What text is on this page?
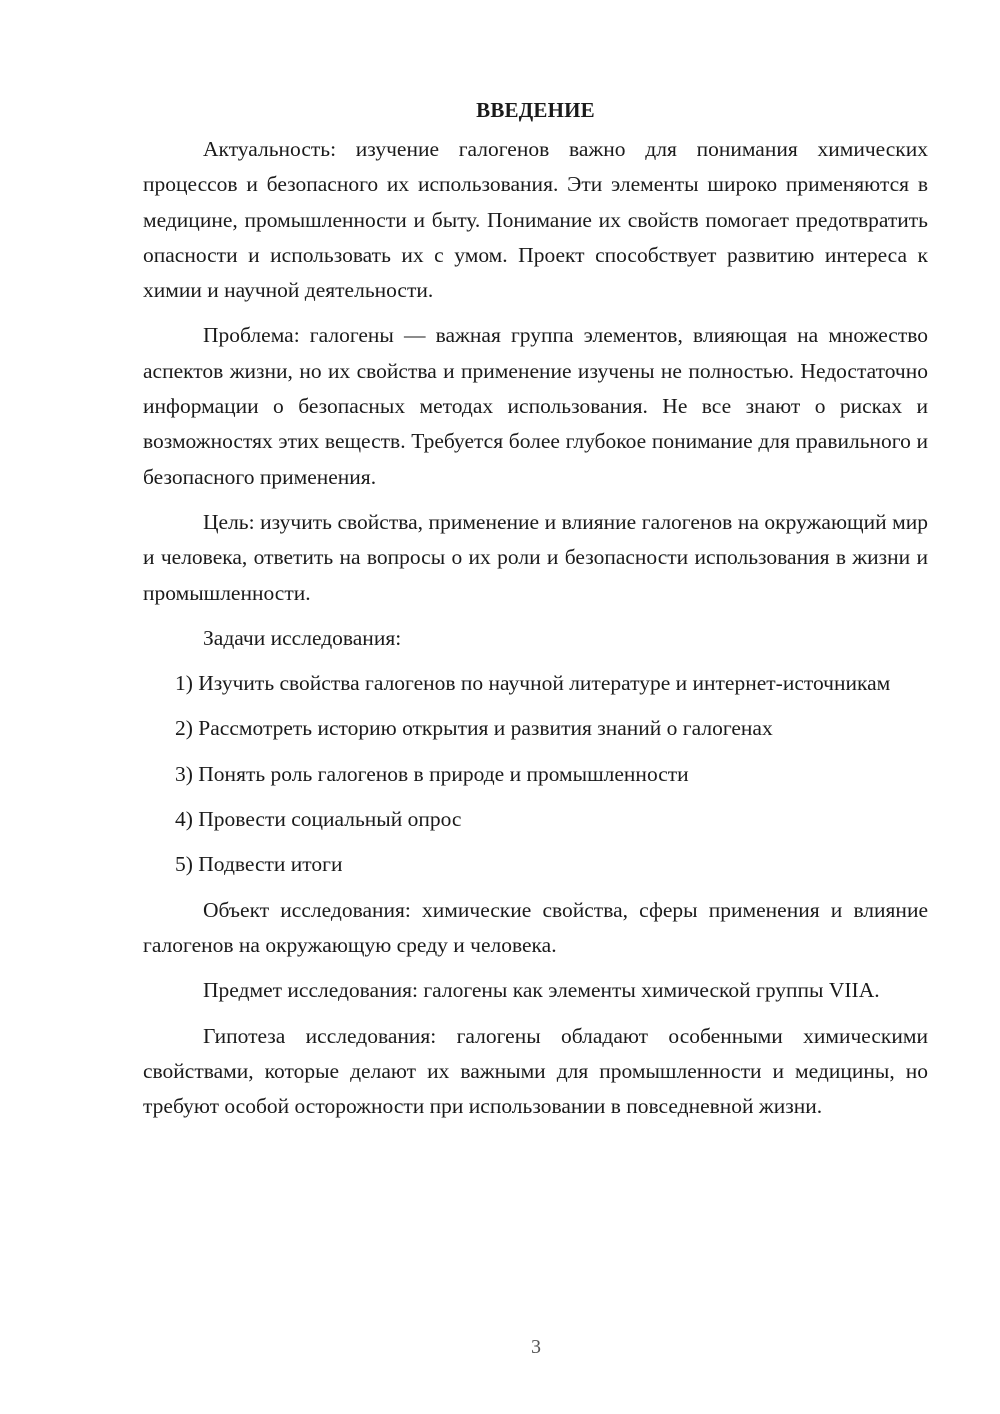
ВВЕДЕНИЕ

Актуальность: изучение галогенов важно для понимания химических процессов и безопасного их использования. Эти элементы широко применяются в медицине, промышленности и быту. Понимание их свойств помогает предотвратить опасности и использовать их с умом. Проект способствует развитию интереса к химии и научной деятельности.

Проблема: галогены — важная группа элементов, влияющая на множество аспектов жизни, но их свойства и применение изучены не полностью. Недостаточно информации о безопасных методах использования. Не все знают о рисках и возможностях этих веществ. Требуется более глубокое понимание для правильного и безопасного применения.

Цель: изучить свойства, применение и влияние галогенов на окружающий мир и человека, ответить на вопросы о их роли и безопасности использования в жизни и промышленности.

Задачи исследования:

1) Изучить свойства галогенов по научной литературе и интернет-источникам

2) Рассмотреть историю открытия и развития знаний о галогенах

3) Понять роль галогенов в природе и промышленности

4) Провести социальный опрос

5) Подвести итоги

Объект исследования: химические свойства, сферы применения и влияние галогенов на окружающую среду и человека.

Предмет исследования: галогены как элементы химической группы VIIA.

Гипотеза исследования: галогены обладают особенными химическими свойствами, которые делают их важными для промышленности и медицины, но требуют особой осторожности при использовании в повседневной жизни.

3
